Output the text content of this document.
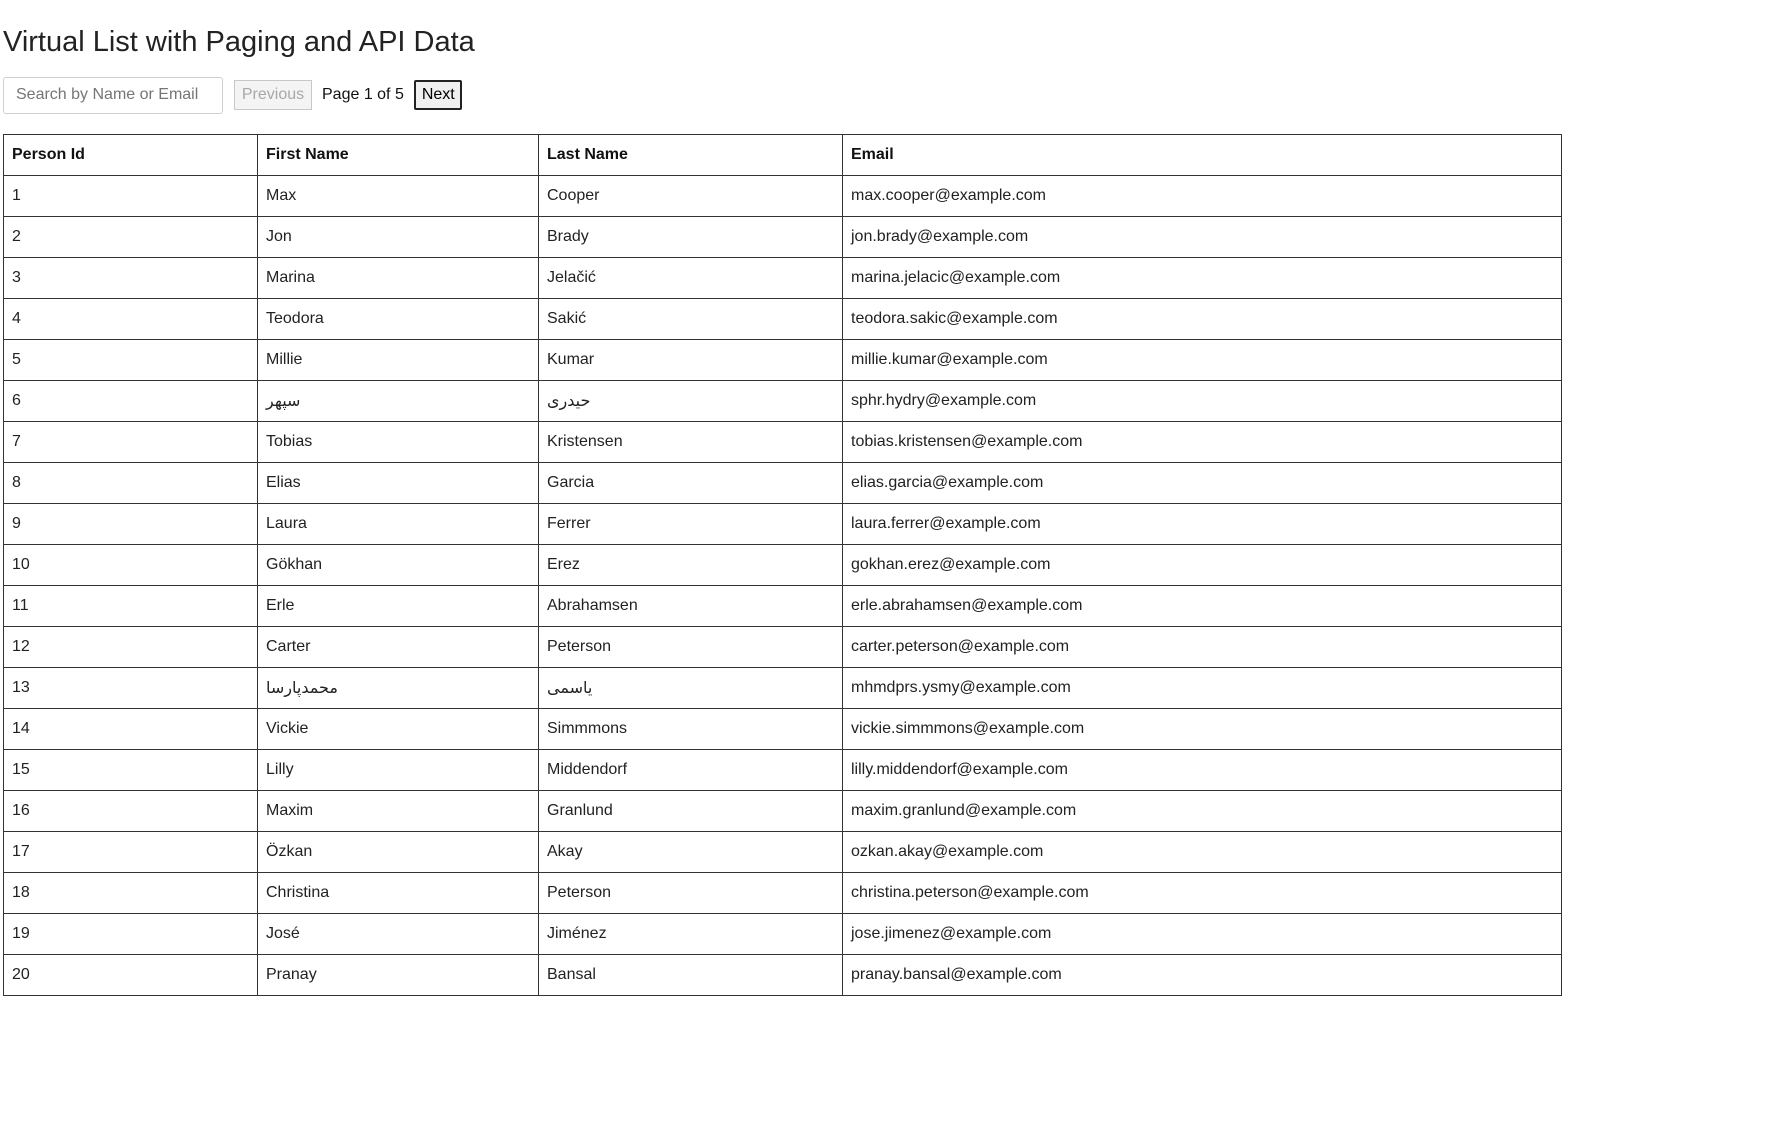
Virtual List with Paging and API Data
Search by Name or Email
Previous	Page 1 of 5	Next
Person Id	First Name	Last Name	Email
1	Max	Cooper	max.cooper@example.com
2	Jon	Brady	jon.brady@example.com
3	Marina	Jelačić	marina.jelacic@example.com
4	Teodora	Sakić	teodora.sakic@example.com
5	Millie	Kumar	millie.kumar@example.com
6	سپهر	حیدری	sphr.hydry@example.com
7	Tobias	Kristensen	tobias.kristensen@example.com
8	Elias	Garcia	elias.garcia@example.com
9	Laura	Ferrer	laura.ferrer@example.com
10	Gökhan	Erez	gokhan.erez@example.com
11	Erle	Abrahamsen	erle.abrahamsen@example.com
12	Carter	Peterson	carter.peterson@example.com
13	محمدپارسا	یاسمی	mhmdprs.ysmy@example.com
14	Vickie	Simmmons	vickie.simmmons@example.com
15	Lilly	Middendorf	lilly.middendorf@example.com
16	Maxim	Granlund	maxim.granlund@example.com
17	Özkan	Akay	ozkan.akay@example.com
18	Christina	Peterson	christina.peterson@example.com
19	José	Jiménez	jose.jimenez@example.com
20	Pranay	Bansal	pranay.bansal@example.com
